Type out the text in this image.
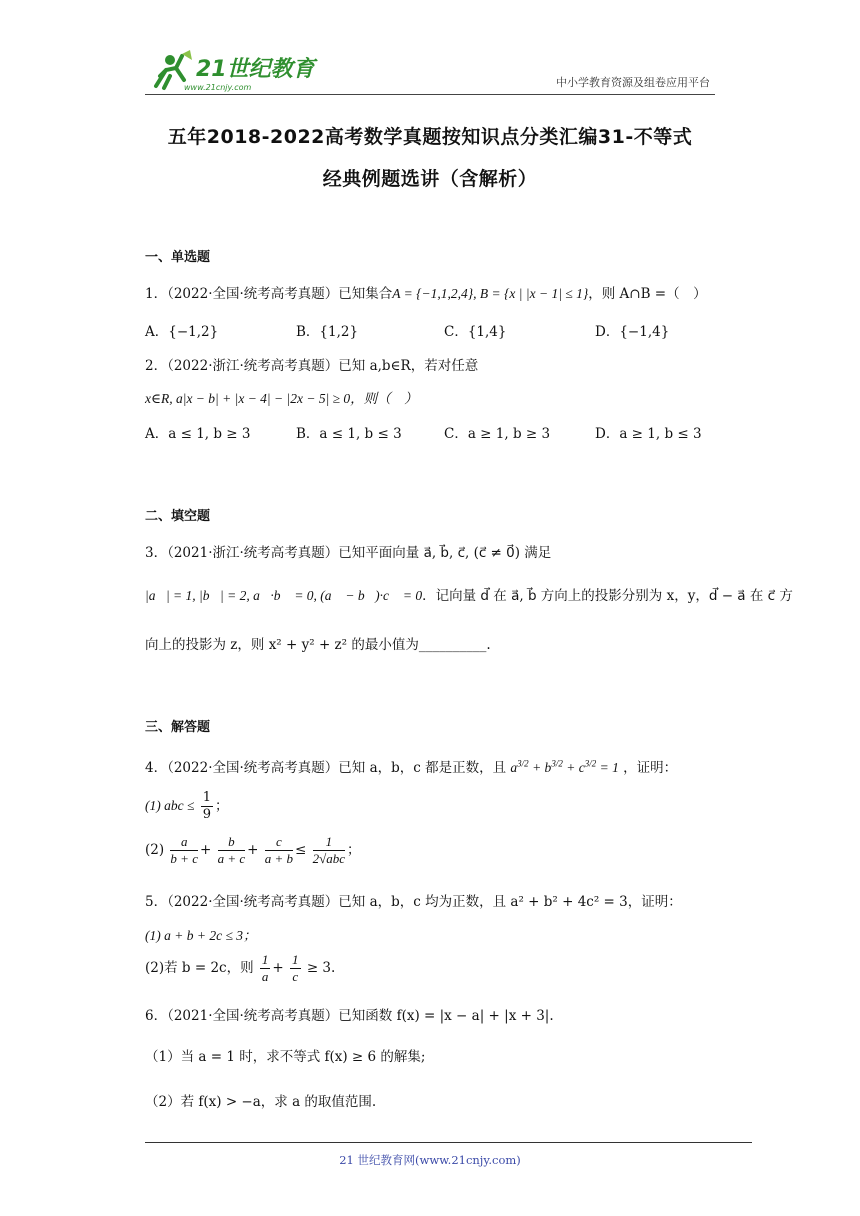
21世纪教育
www.21cnjy.com	中小学教育资源及组卷应用平台
五年2018-2022高考数学真题按知识点分类汇编31-不等式
经典例题选讲（含解析）
一、单选题
1．（2022·全国·统考高考真题）已知集合A = {−1,1,2,4}, B = {x | |x − 1| ≤ 1}，则 A∩B =（　）
A．{−1,2}	B．{1,2}	C．{1,4}	D．{−1,4}
2．（2022·浙江·统考高考真题）已知 a,b∈R，若对任意
x∈R, a|x − b| + |x − 4| − |2x − 5| ≥ 0，则（　）
A．a ≤ 1, b ≥ 3	B．a ≤ 1, b ≤ 3	C．a ≥ 1, b ≥ 3	D．a ≥ 1, b ≤ 3
二、填空题
3．（2021·浙江·统考高考真题）已知平面向量 a⃗, b⃗, c⃗, (c⃗ ≠ 0⃗) 满足
|a⃗| = 1, |b⃗| = 2, a⃗·b⃗ = 0, (a⃗ − b⃗)·c⃗ = 0．记向量 d⃗ 在 a⃗, b⃗ 方向上的投影分别为 x，y，d⃗ − a⃗ 在 c⃗ 方
向上的投影为 z，则 x² + y² + z² 的最小值为__________.
三、解答题
4．（2022·全国·统考高考真题）已知 a，b，c 都是正数，且 $a^{3/2} + b^{3/2} + c^{3/2} = 1$ ，证明：
(1) abc ≤ $\frac{1}{9}$ ；
$(2) \frac{a}{b + c} + \frac{b}{a + c} + \frac{c}{a + b} \le \frac{1}{\text{2√abc}}$ ；
5．（2022·全国·统考高考真题）已知 a，b，c 均为正数，且 a² + b² + 4c² = 3，证明：
(1) a + b + 2c ≤ 3；
(2)若 b = 2c，则 $\frac{1}{a} + \frac{1}{c} \ge 3$.
6．（2021·全国·统考高考真题）已知函数 f(x) = |x − a| + |x + 3|.
（1）当 a = 1 时，求不等式 f(x) ≥ 6 的解集;
（2）若 f(x) > −a，求 a 的取值范围.
21 世纪教育网(www.21cnjy.com)
